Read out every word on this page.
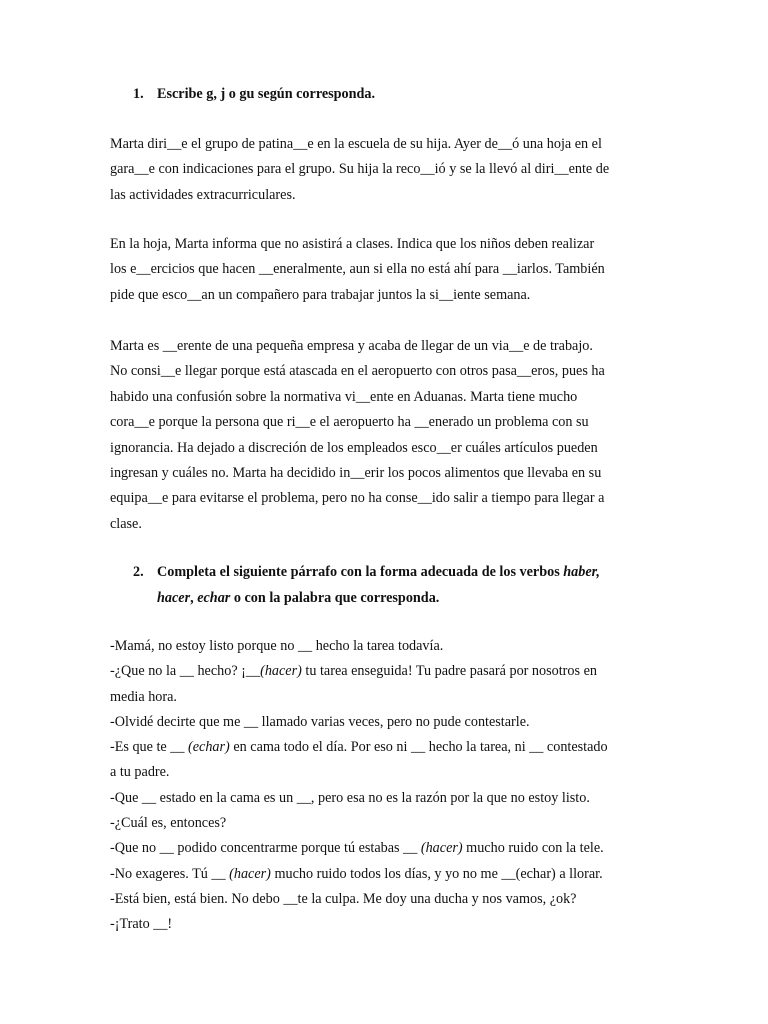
1. Escribe g, j o gu según corresponda.
Marta diri__e el grupo de patina__e en la escuela de su hija. Ayer de__ó una hoja en el
gara__e con indicaciones para el grupo. Su hija la reco__ió y se la llevó al diri__ente de
las actividades extracurriculares.
En la hoja, Marta informa que no asistirá a clases. Indica que los niños deben realizar
los e__ercicios que hacen __eneralmente, aun si ella no está ahí para __iarlos. También
pide que esco__an un compañero para trabajar juntos la si__iente semana.
Marta es __erente de una pequeña empresa y acaba de llegar de un via__e de trabajo.
No consi__e llegar porque está atascada en el aeropuerto con otros pasa__eros, pues ha
habido una confusión sobre la normativa vi__ente en Aduanas. Marta tiene mucho
cora__e porque la persona que ri__e el aeropuerto ha __enerado un problema con su
ignorancia. Ha dejado a discreción de los empleados esco__er cuáles artículos pueden
ingresan y cuáles no. Marta ha decidido in__erir los pocos alimentos que llevaba en su
equipa__e para evitarse el problema, pero no ha conse__ido salir a tiempo para llegar a
clase.
2. Completa el siguiente párrafo con la forma adecuada de los verbos haber,
hacer, echar o con la palabra que corresponda.
-Mamá, no estoy listo porque no __ hecho la tarea todavía.
-¿Que no la __ hecho? ¡__(hacer) tu tarea enseguida! Tu padre pasará por nosotros en
media hora.
-Olvidé decirte que me __ llamado varias veces, pero no pude contestarle.
-Es que te __ (echar) en cama todo el día. Por eso ni __ hecho la tarea, ni __ contestado
a tu padre.
-Que __ estado en la cama es un __, pero esa no es la razón por la que no estoy listo.
-¿Cuál es, entonces?
-Que no __ podido concentrarme porque tú estabas __ (hacer) mucho ruido con la tele.
-No exageres. Tú __ (hacer) mucho ruido todos los días, y yo no me __(echar) a llorar.
-Está bien, está bien. No debo __te la culpa. Me doy una ducha y nos vamos, ¿ok?
-¡Trato __!
